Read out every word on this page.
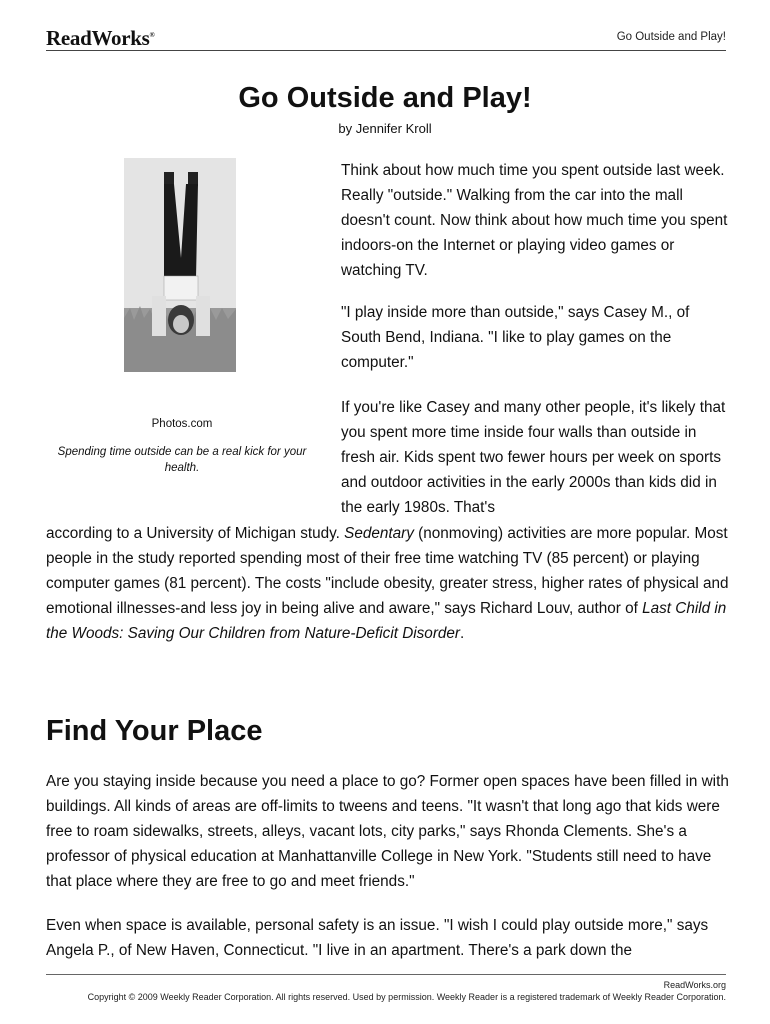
ReadWorks®	Go Outside and Play!
Go Outside and Play!
by Jennifer Kroll
Photos.com
Spending time outside can be a real kick for your health.

Think about how much time you spent outside last week. Really "outside." Walking from the car into the mall doesn't count. Now think about how much time you spent indoors-on the Internet or playing video games or watching TV.

"I play inside more than outside," says Casey M., of South Bend, Indiana. "I like to play games on the computer."

If you're like Casey and many other people, it's likely that you spent more time inside four walls than outside in fresh air. Kids spent two fewer hours per week on sports and outdoor activities in the early 2000s than kids did in the early 1980s. That's

according to a University of Michigan study. Sedentary (nonmoving) activities are more popular. Most people in the study reported spending most of their free time watching TV (85 percent) or playing computer games (81 percent). The costs "include obesity, greater stress, higher rates of physical and emotional illnesses-and less joy in being alive and aware," says Richard Louv, author of Last Child in the Woods: Saving Our Children from Nature-Deficit Disorder.

Find Your Place

Are you staying inside because you need a place to go? Former open spaces have been filled in with buildings. All kinds of areas are off-limits to tweens and teens. "It wasn't that long ago that kids were free to roam sidewalks, streets, alleys, vacant lots, city parks," says Rhonda Clements. She's a professor of physical education at Manhattanville College in New York. "Students still need to have that place where they are free to go and meet friends."

Even when space is available, personal safety is an issue. "I wish I could play outside more," says Angela P., of New Haven, Connecticut. "I live in an apartment. There's a park down the

ReadWorks.org
Copyright © 2009 Weekly Reader Corporation. All rights reserved. Used by permission. Weekly Reader is a registered trademark of Weekly Reader Corporation.
